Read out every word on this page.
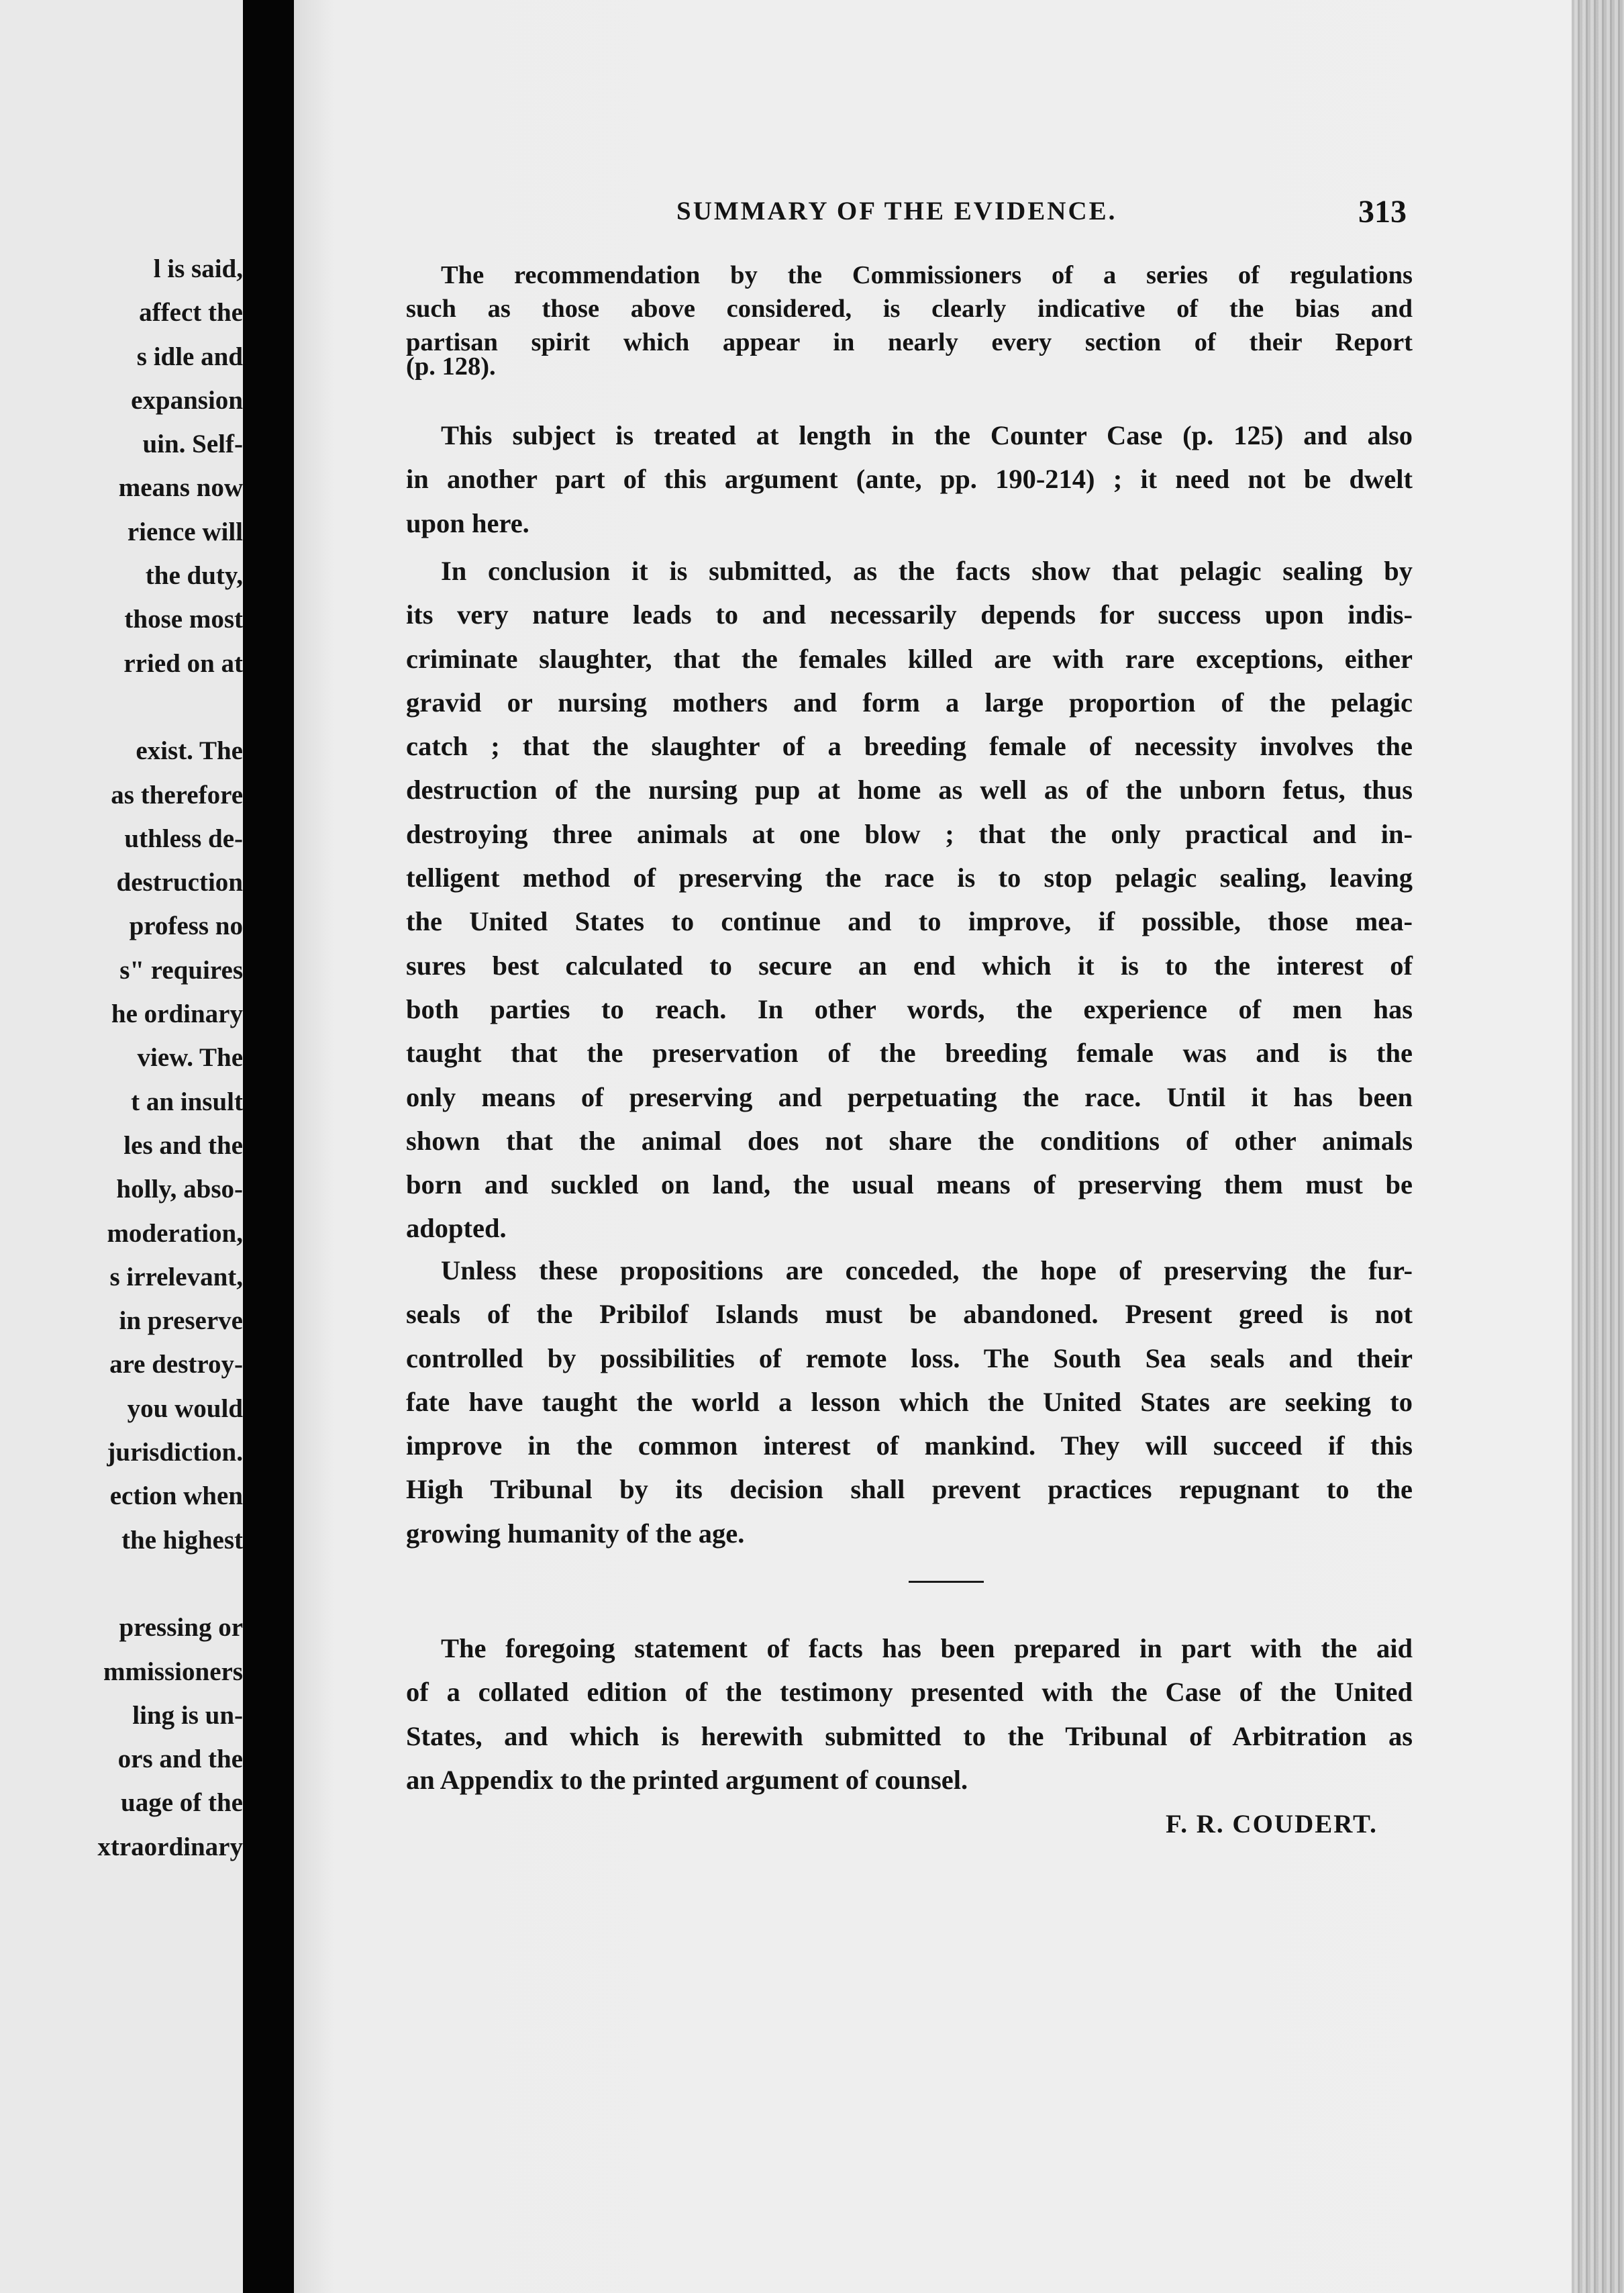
l is said,
affect the
s idle and
expansion
uin. Self-
means now
rience will
the duty,
those most
rried on at
exist. The
as therefore
uthless de-
destruction
profess no
s" requires
he ordinary
view. The
t an insult
les and the
holly, abso-
moderation,
s irrelevant,
in preserve
are destroy-
you would
jurisdiction.
ection when
the highest
pressing or
mmissioners
ling is un-
ors and the
uage of the
xtraordinary
SUMMARY OF THE EVIDENCE.	313
The recommendation by the Commissioners of a series of regulations
such as those above considered, is clearly indicative of the bias and
partisan spirit which appear in nearly every section of their Report
(p. 128).
This subject is treated at length in the Counter Case (p. 125) and also
in another part of this argument (ante, pp. 190-214) ; it need not be dwelt
upon here.
In conclusion it is submitted, as the facts show that pelagic sealing by
its very nature leads to and necessarily depends for success upon indis-
criminate slaughter, that the females killed are with rare exceptions, either
gravid or nursing mothers and form a large proportion of the pelagic
catch ; that the slaughter of a breeding female of necessity involves the
destruction of the nursing pup at home as well as of the unborn fetus, thus
destroying three animals at one blow ; that the only practical and in-
telligent method of preserving the race is to stop pelagic sealing, leaving
the United States to continue and to improve, if possible, those mea-
sures best calculated to secure an end which it is to the interest of
both parties to reach. In other words, the experience of men has
taught that the preservation of the breeding female was and is the
only means of preserving and perpetuating the race. Until it has been
shown that the animal does not share the conditions of other animals
born and suckled on land, the usual means of preserving them must be
adopted.
Unless these propositions are conceded, the hope of preserving the fur-
seals of the Pribilof Islands must be abandoned. Present greed is not
controlled by possibilities of remote loss. The South Sea seals and their
fate have taught the world a lesson which the United States are seeking to
improve in the common interest of mankind. They will succeed if this
High Tribunal by its decision shall prevent practices repugnant to the
growing humanity of the age.
The foregoing statement of facts has been prepared in part with the aid
of a collated edition of the testimony presented with the Case of the United
States, and which is herewith submitted to the Tribunal of Arbitration as
an Appendix to the printed argument of counsel.
F. R. COUDERT.
